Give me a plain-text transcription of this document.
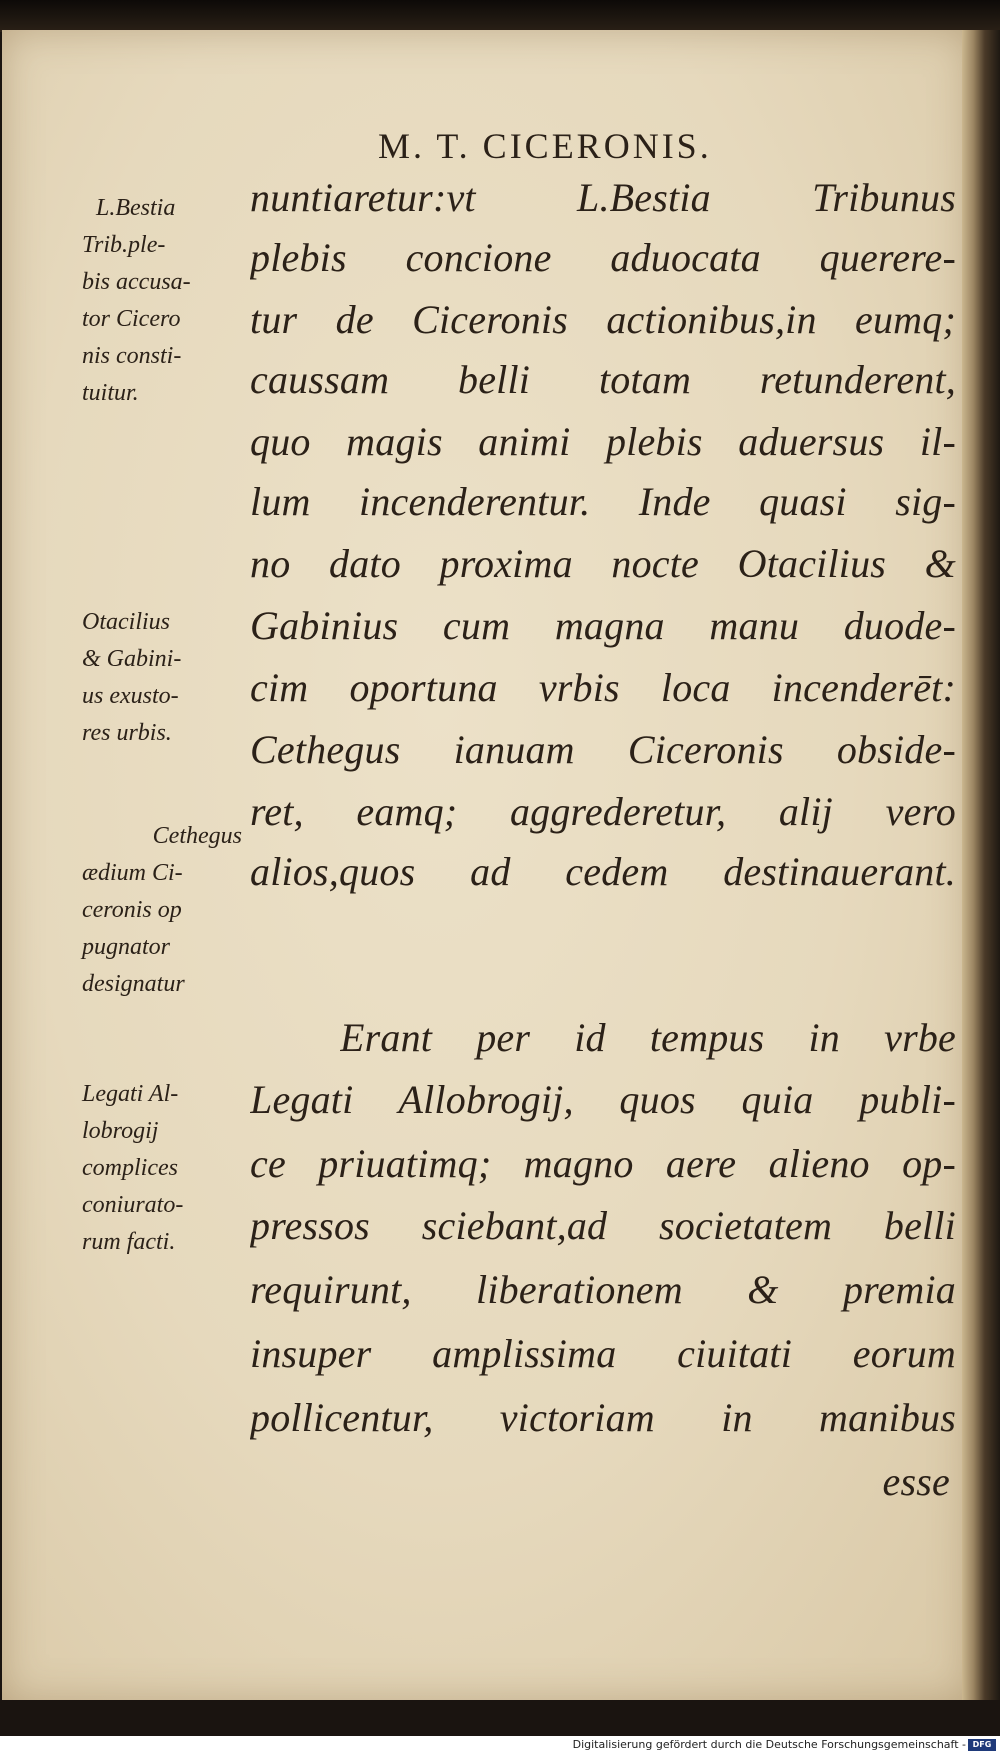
M. T. CICERONIS.
nuntiaretur:vt L.Bestia Tribunus
plebis concione aduocata querere-
tur de Ciceronis actionibus,in eumq;
caussam belli totam retunderent,
quo magis animi plebis aduersus il-
lum incenderentur. Inde quasi sig-
no dato proxima nocte Otacilius &
Gabinius cum magna manu duode-
cim oportuna vrbis loca incenderēt:
Cethegus ianuam Ciceronis obside-
ret, eamq; aggrederetur, alij vero
alios,quos ad cedem destinauerant.
Erant per id tempus in vrbe
Legati Allobrogij, quos quia publi-
ce priuatimq; magno aere alieno op-
pressos sciebant,ad societatem belli
requirunt, liberationem & premia
insuper amplissima ciuitati eorum
pollicentur, victoriam in manibus
esse
L.Bestia
Trib.ple-
bis accusa-
tor Cicero
nis consti-
tuitur.
Otacilius
& Gabini-
us exusto-
res urbis.
Cethegus
ædium Ci-
ceronis op
pugnator
designatur
Legati Al-
lobrogij
complices
coniurato-
rum facti.
Digitalisierung gefördert durch die Deutsche Forschungsgemeinschaft - DFG
